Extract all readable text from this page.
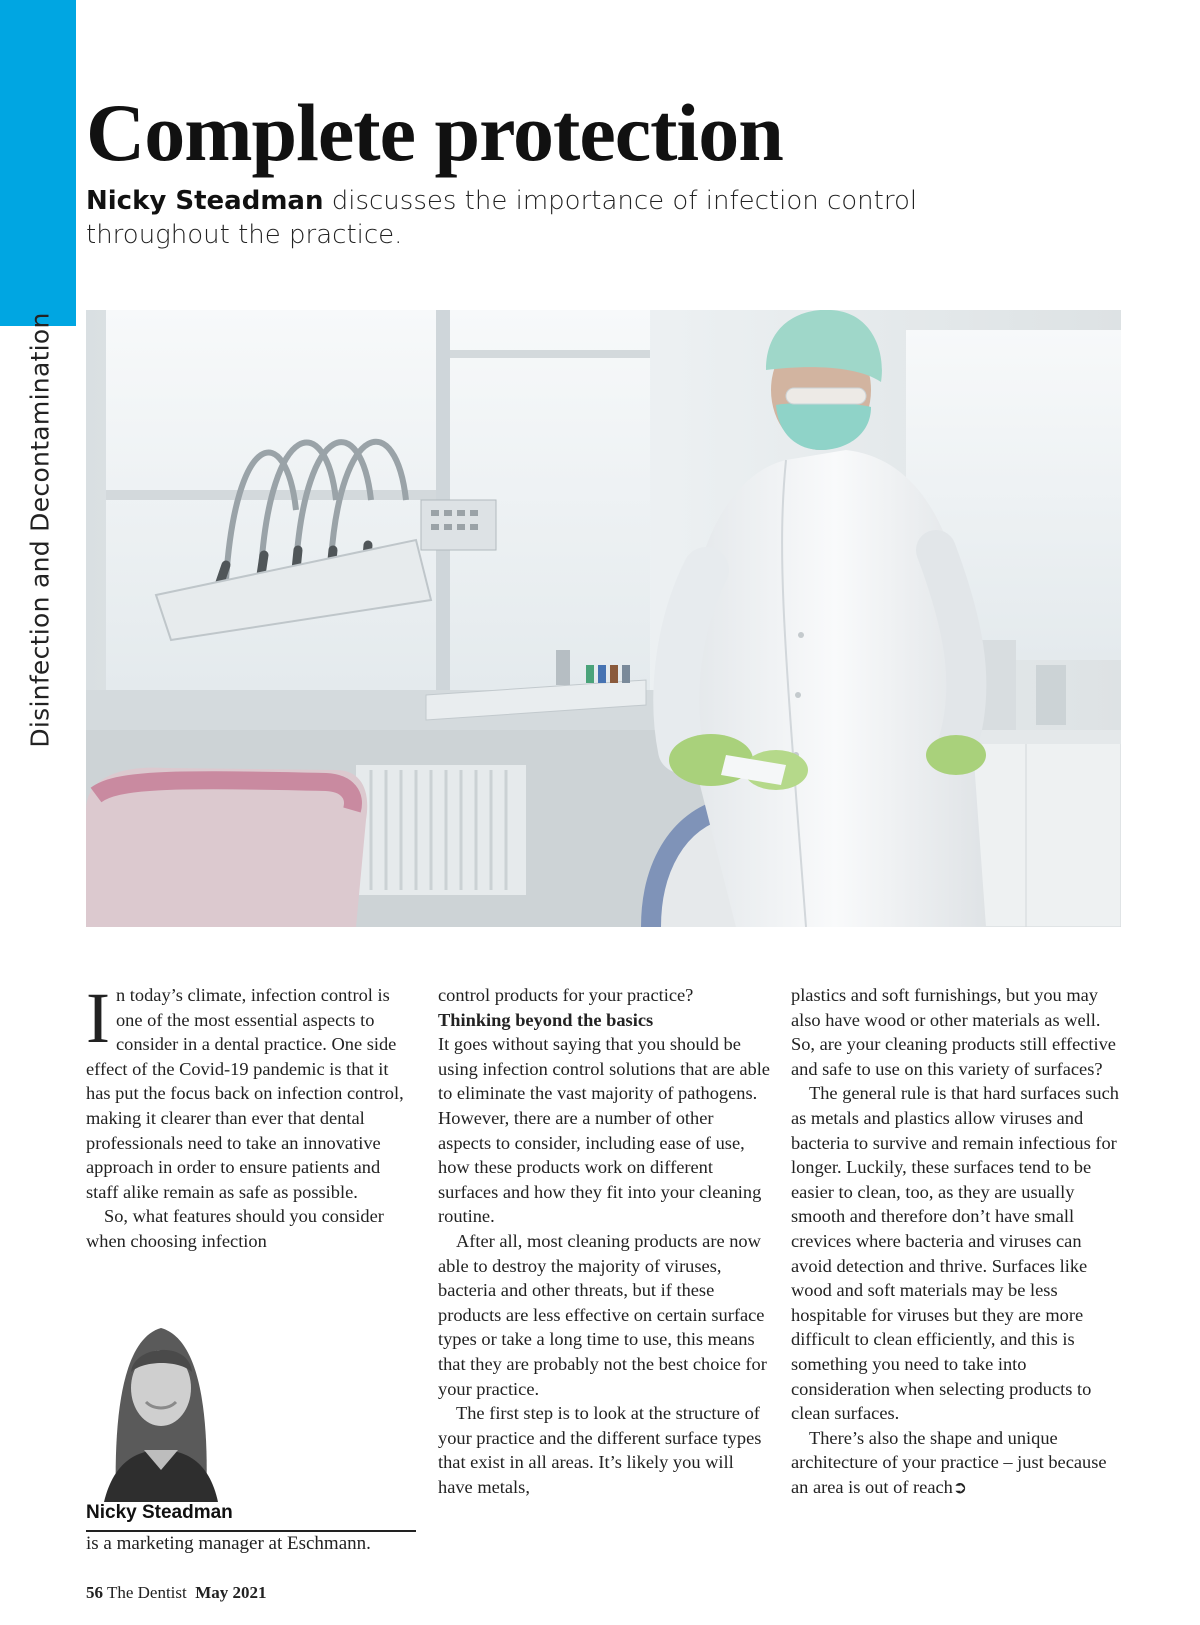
Disinfection and Decontamination
Complete protection

Nicky Steadman discusses the importance of infection control throughout the practice.

In today’s climate, infection control is one of the most essential aspects to consider in a dental practice. One side effect of the Covid-19 pandemic is that it has put the focus back on infection control, making it clearer than ever that dental professionals need to take an innovative approach in order to ensure patients and staff alike remain as safe as possible.

So, what features should you consider when choosing infection

control products for your practice?

Thinking beyond the basics

It goes without saying that you should be using infection control solutions that are able to eliminate the vast majority of pathogens. However, there are a number of other aspects to consider, including ease of use, how these products work on different surfaces and how they fit into your cleaning routine.

After all, most cleaning products are now able to destroy the majority of viruses, bacteria and other threats, but if these products are less effective on certain surface types or take a long time to use, this means that they are probably not the best choice for your practice.

The first step is to look at the structure of your practice and the different surface types that exist in all areas. It’s likely you will have metals,

plastics and soft furnishings, but you may also have wood or other materials as well. So, are your cleaning products still effective and safe to use on this variety of surfaces?

The general rule is that hard surfaces such as metals and plastics allow viruses and bacteria to survive and remain infectious for longer. Luckily, these surfaces tend to be easier to clean, too, as they are usually smooth and therefore don’t have small crevices where bacteria and viruses can avoid detection and thrive. Surfaces like wood and soft materials may be less hospitable for viruses but they are more difficult to clean efficiently, and this is something you need to take into consideration when selecting products to clean surfaces.

There’s also the shape and unique architecture of your practice – just because an area is out of reach➲

Nicky Steadman
is a marketing manager at Eschmann.
56 The Dentist May 2021
